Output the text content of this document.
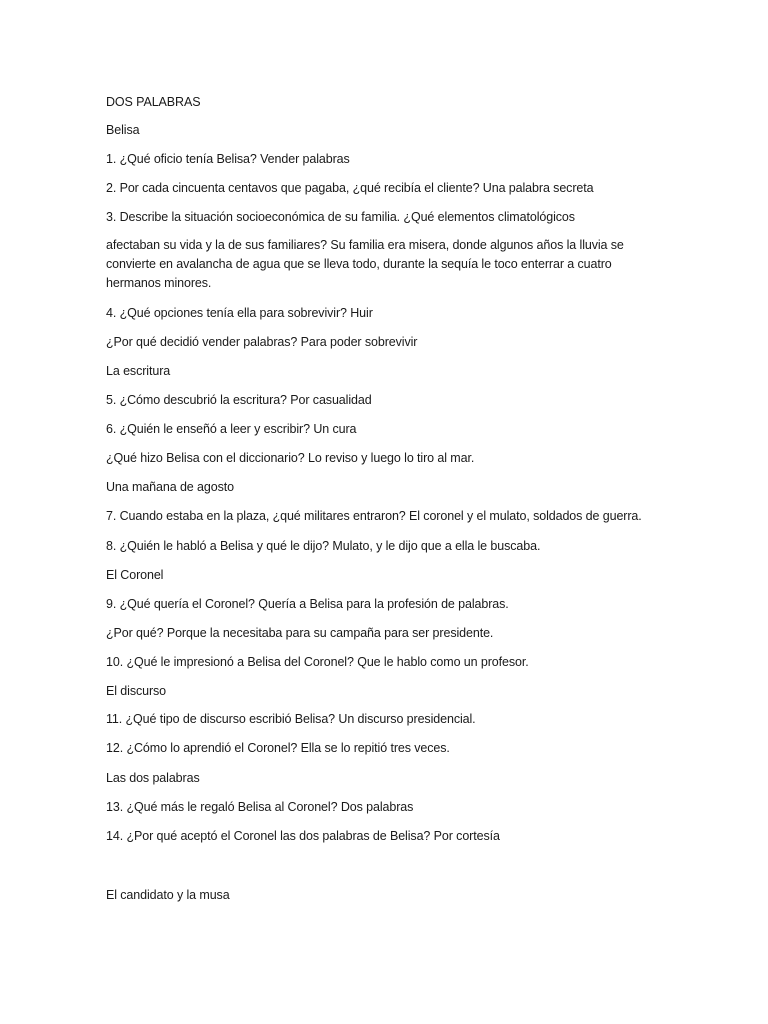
DOS PALABRAS

Belisa

1. ¿Qué oficio tenía Belisa? Vender palabras

2. Por cada cincuenta centavos que pagaba, ¿qué recibía el cliente? Una palabra secreta

3. Describe la situación socioeconómica de su familia. ¿Qué elementos climatológicos

afectaban su vida y la de sus familiares? Su familia era misera, donde algunos años la lluvia se convierte en avalancha de agua que se lleva todo, durante la sequía le toco enterrar a cuatro hermanos minores.

4. ¿Qué opciones tenía ella para sobrevivir? Huir

¿Por qué decidió vender palabras? Para poder sobrevivir

La escritura

5. ¿Cómo descubrió la escritura? Por casualidad

6. ¿Quién le enseñó a leer y escribir? Un cura

¿Qué hizo Belisa con el diccionario? Lo reviso y luego lo tiro al mar.

Una mañana de agosto

7. Cuando estaba en la plaza, ¿qué militares entraron? El coronel y el mulato, soldados de guerra.

8. ¿Quién le habló a Belisa y qué le dijo? Mulato, y le dijo que a ella le buscaba.

El Coronel

9. ¿Qué quería el Coronel? Quería a Belisa para la profesión de palabras.

¿Por qué? Porque la necesitaba para su campaña para ser presidente.

10. ¿Qué le impresionó a Belisa del Coronel? Que le hablo como un profesor.

El discurso

11. ¿Qué tipo de discurso escribió Belisa? Un discurso presidencial.

12. ¿Cómo lo aprendió el Coronel? Ella se lo repitió tres veces.

Las dos palabras

13. ¿Qué más le regaló Belisa al Coronel? Dos palabras

14. ¿Por qué aceptó el Coronel las dos palabras de Belisa? Por cortesía

El candidato y la musa
